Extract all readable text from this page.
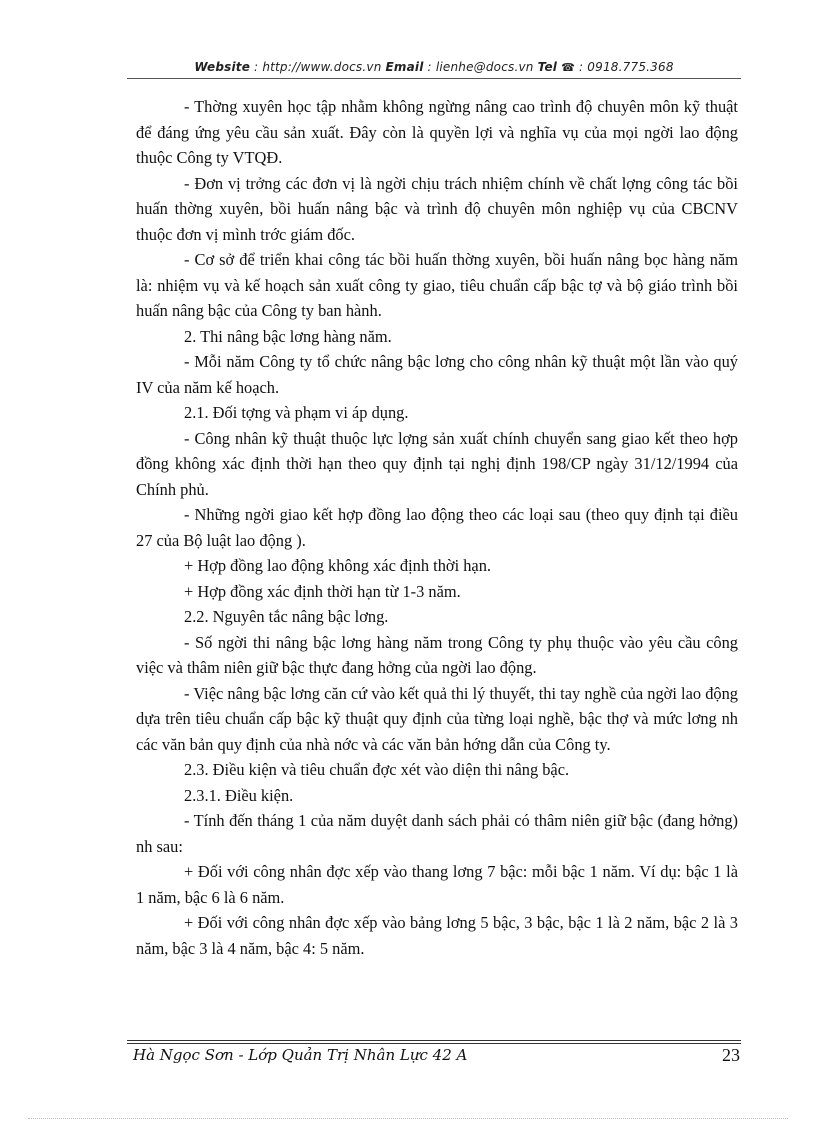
Website : http://www.docs.vn Email : lienhe@docs.vn Tel ☎ : 0918.775.368

- Thờng xuyên học tập nhằm không ngừng nâng cao trình độ chuyên môn kỹ thuật để đáng ứng yêu cầu sản xuất. Đây còn là quyền lợi và nghĩa vụ của mọi ngời lao động thuộc Công ty VTQĐ.

- Đơn vị trởng các đơn vị là ngời chịu trách nhiệm chính về chất lợng công tác bồi huấn thờng xuyên, bồi huấn nâng bậc và trình độ chuyên môn nghiệp vụ của CBCNV thuộc đơn vị mình trớc giám đốc.

- Cơ sở để triển khai công tác bồi huấn thờng xuyên, bồi huấn nâng bọc hàng năm là: nhiệm vụ và kế hoạch sản xuất công ty giao, tiêu chuẩn cấp bậc tợ và bộ giáo trình bồi huấn nâng bậc của Công ty ban hành.

2. Thi nâng bậc lơng hàng năm.

- Mỗi năm Công ty tổ chức nâng bậc lơng cho công nhân kỹ thuật một lần vào quý IV của năm kế hoạch.

2.1. Đối tợng và phạm vi áp dụng.

- Công nhân kỹ thuật thuộc lực lợng sản xuất chính chuyển sang giao kết theo hợp đồng không xác định thời hạn theo quy định tại nghị định 198/CP ngày 31/12/1994 của Chính phủ.

- Những ngời giao kết hợp đồng lao động theo các loại sau (theo quy định tại điều 27 của Bộ luật lao động ).

+ Hợp đồng lao động không xác định thời hạn.

+ Hợp đồng xác định thời hạn từ 1-3 năm.

2.2. Nguyên tắc nâng bậc lơng.

- Số ngời thi nâng bậc lơng hàng năm trong Công ty phụ thuộc vào yêu cầu công việc và thâm niên giữ bậc thực đang hởng của ngời lao động.

- Việc nâng bậc lơng căn cứ vào kết quả thi lý thuyết, thi tay nghề của ngời lao động dựa trên tiêu chuẩn cấp bậc kỹ thuật quy định của từng loại nghề, bậc thợ và mức lơng nh các văn bản quy định của nhà nớc và các văn bản hớng dẫn của Công ty.

2.3. Điều kiện và tiêu chuẩn đợc xét vào diện thi nâng bậc.

2.3.1. Điều kiện.

- Tính đến tháng 1 của năm duyệt danh sách phải có thâm niên giữ bậc (đang hởng) nh sau:

+ Đối với công nhân đợc xếp vào thang lơng 7 bậc: mỗi bậc 1 năm. Ví dụ: bậc 1 là 1 năm, bậc 6 là 6 năm.

+ Đối với công nhân đợc xếp vào bảng lơng 5 bậc, 3 bậc, bậc 1 là 2 năm, bậc 2 là 3 năm, bậc 3 là 4 năm, bậc 4: 5 năm.

Hà Ngọc Sơn - Lớp Quản Trị Nhân Lực 42 A	23
